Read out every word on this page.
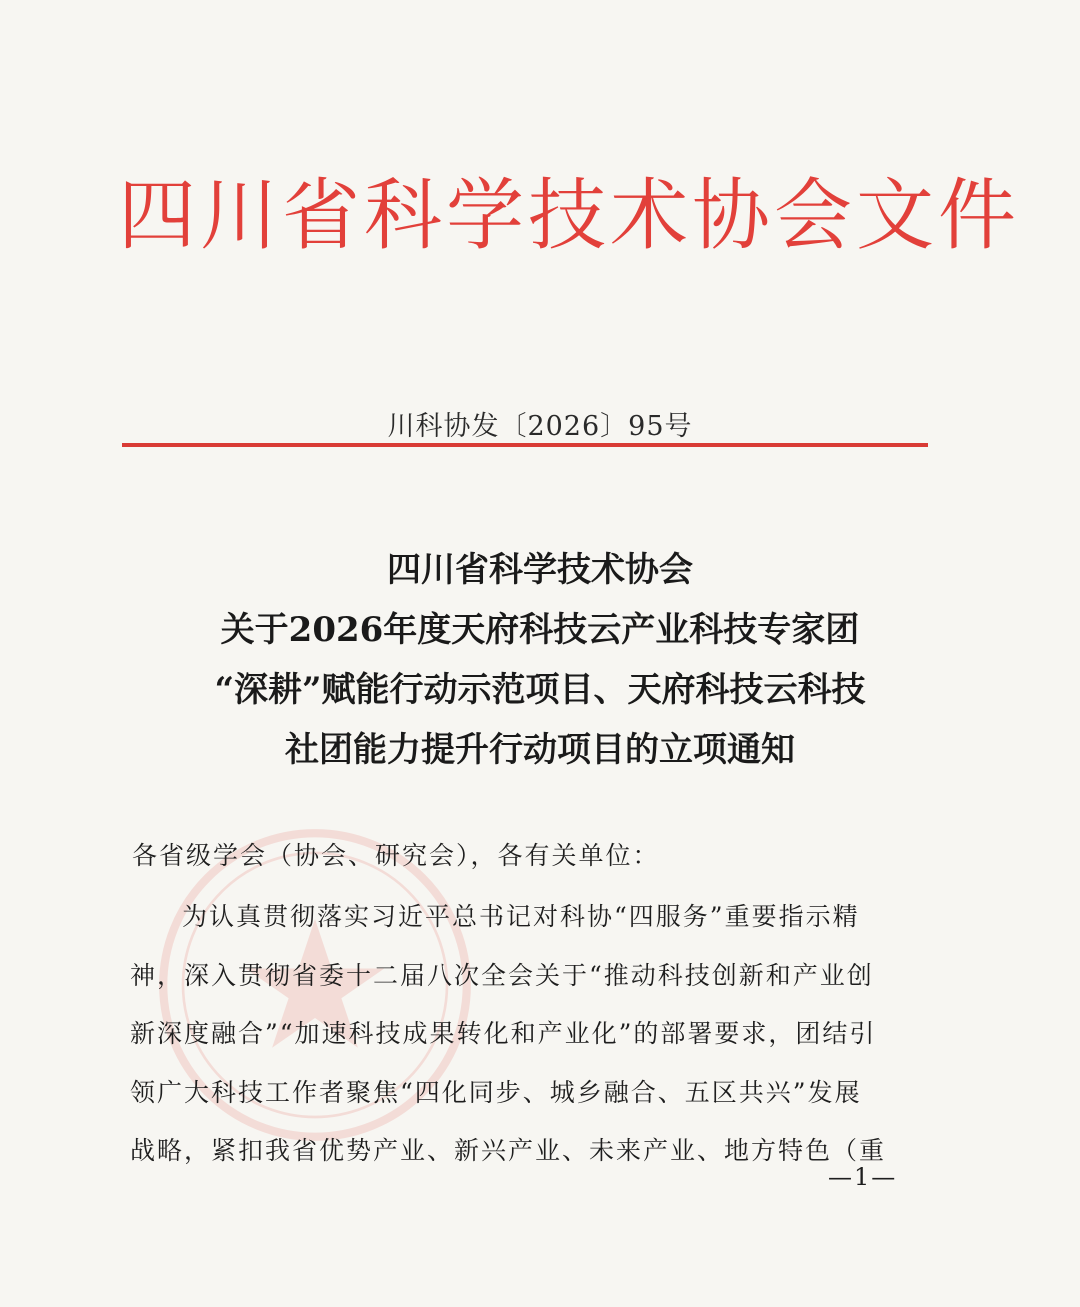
四川省科学技术协会文件
川科协发〔2026〕95号
四川省科学技术协会
关于2026年度天府科技云产业科技专家团
“深耕”赋能行动示范项目、天府科技云科技
社团能力提升行动项目的立项通知
各省级学会（协会、研究会），各有关单位：
为认真贯彻落实习近平总书记对科协“四服务”重要指示精
神，深入贯彻省委十二届八次全会关于“推动科技创新和产业创
新深度融合”“加速科技成果转化和产业化”的部署要求，团结引
领广大科技工作者聚焦“四化同步、城乡融合、五区共兴”发展
战略，紧扣我省优势产业、新兴产业、未来产业、地方特色（重
—1—
